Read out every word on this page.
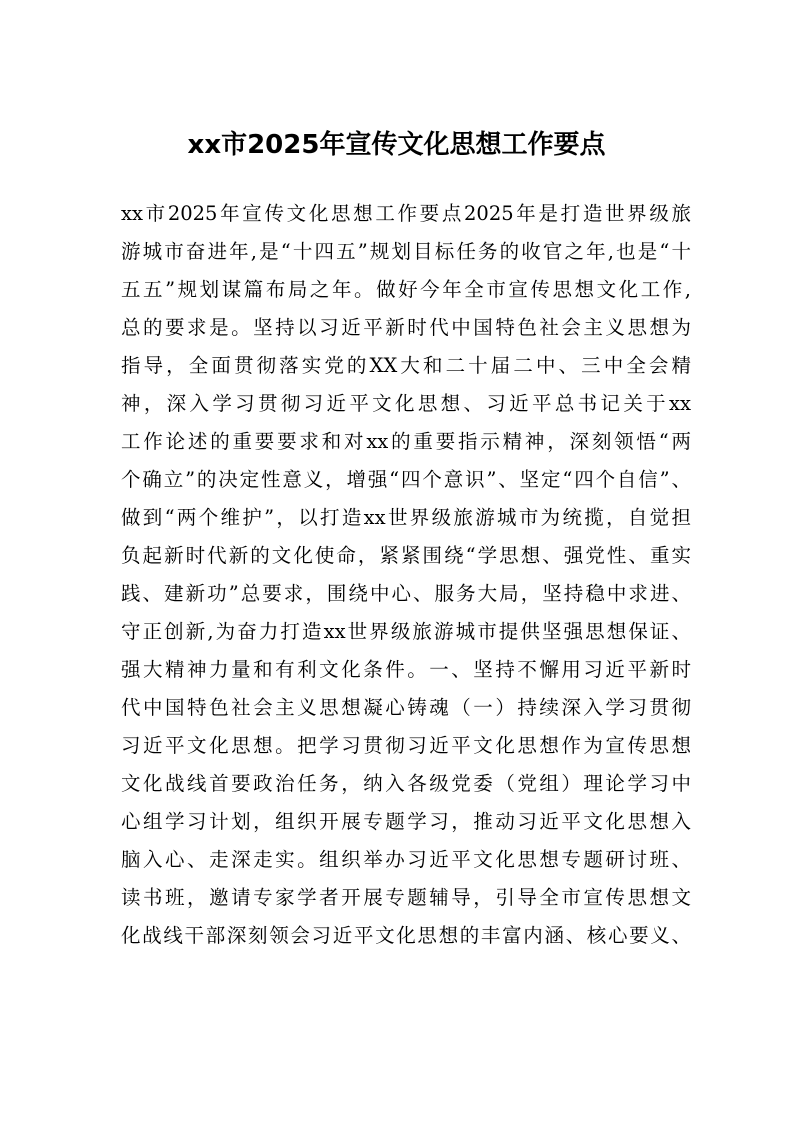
xx市2025年宣传文化思想工作要点
xx市2025年宣传文化思想工作要点2025年是打造世界级旅
游城市奋进年,是“十四五”规划目标任务的收官之年,也是“十
五五”规划谋篇布局之年。做好今年全市宣传思想文化工作,
总的要求是。坚持以习近平新时代中国特色社会主义思想为
指导，全面贯彻落实党的XX大和二十届二中、三中全会精
神，深入学习贯彻习近平文化思想、习近平总书记关于xx
工作论述的重要要求和对xx的重要指示精神，深刻领悟“两
个确立”的决定性意义，增强“四个意识”、坚定“四个自信”、
做到“两个维护”，以打造xx世界级旅游城市为统揽，自觉担
负起新时代新的文化使命，紧紧围绕“学思想、强党性、重实
践、建新功”总要求，围绕中心、服务大局，坚持稳中求进、
守正创新,为奋力打造xx世界级旅游城市提供坚强思想保证、
强大精神力量和有利文化条件。一、坚持不懈用习近平新时
代中国特色社会主义思想凝心铸魂（一）持续深入学习贯彻
习近平文化思想。把学习贯彻习近平文化思想作为宣传思想
文化战线首要政治任务，纳入各级党委（党组）理论学习中
心组学习计划，组织开展专题学习，推动习近平文化思想入
脑入心、走深走实。组织举办习近平文化思想专题研讨班、
读书班，邀请专家学者开展专题辅导，引导全市宣传思想文
化战线干部深刻领会习近平文化思想的丰富内涵、核心要义、
